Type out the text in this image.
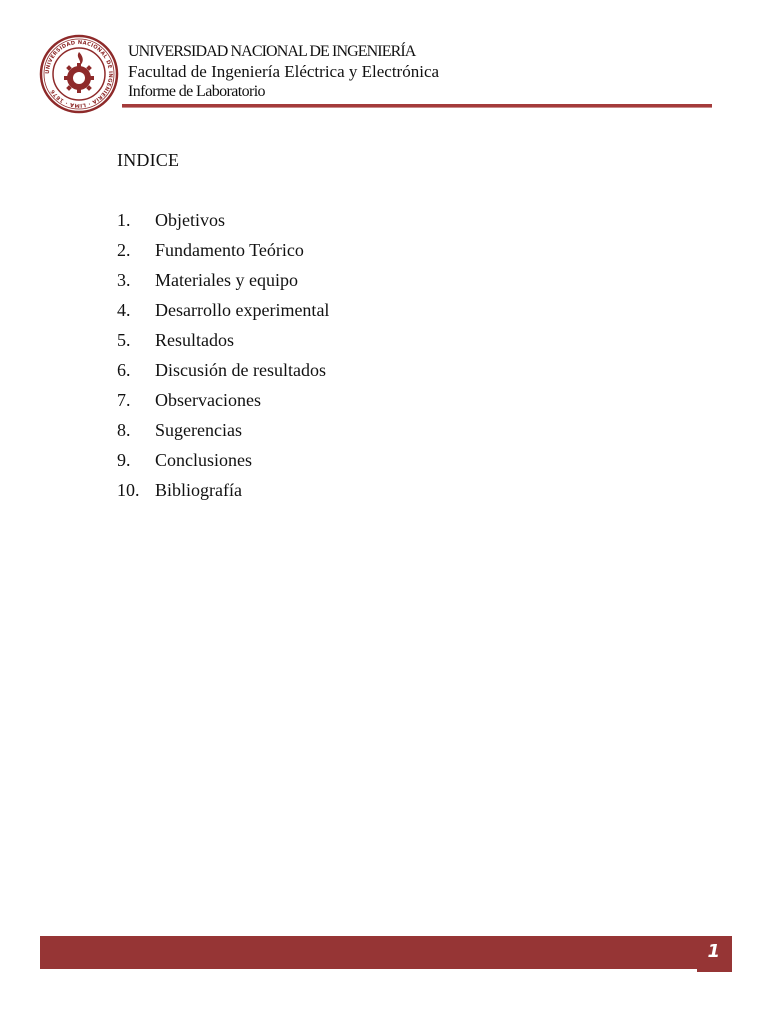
UNIVERSIDAD NACIONAL DE INGENIERÍA · LIMA · 1876
UNIVERSIDAD NACIONAL DE INGENIERÍA
Facultad de Ingeniería Eléctrica y Electrónica
Informe de Laboratorio
INDICE
1.	Objetivos
2.	Fundamento Teórico
3.	Materiales y equipo
4.	Desarrollo experimental
5.	Resultados
6.	Discusión de resultados
7.	Observaciones
8.	Sugerencias
9.	Conclusiones
10. Bibliografía
1
